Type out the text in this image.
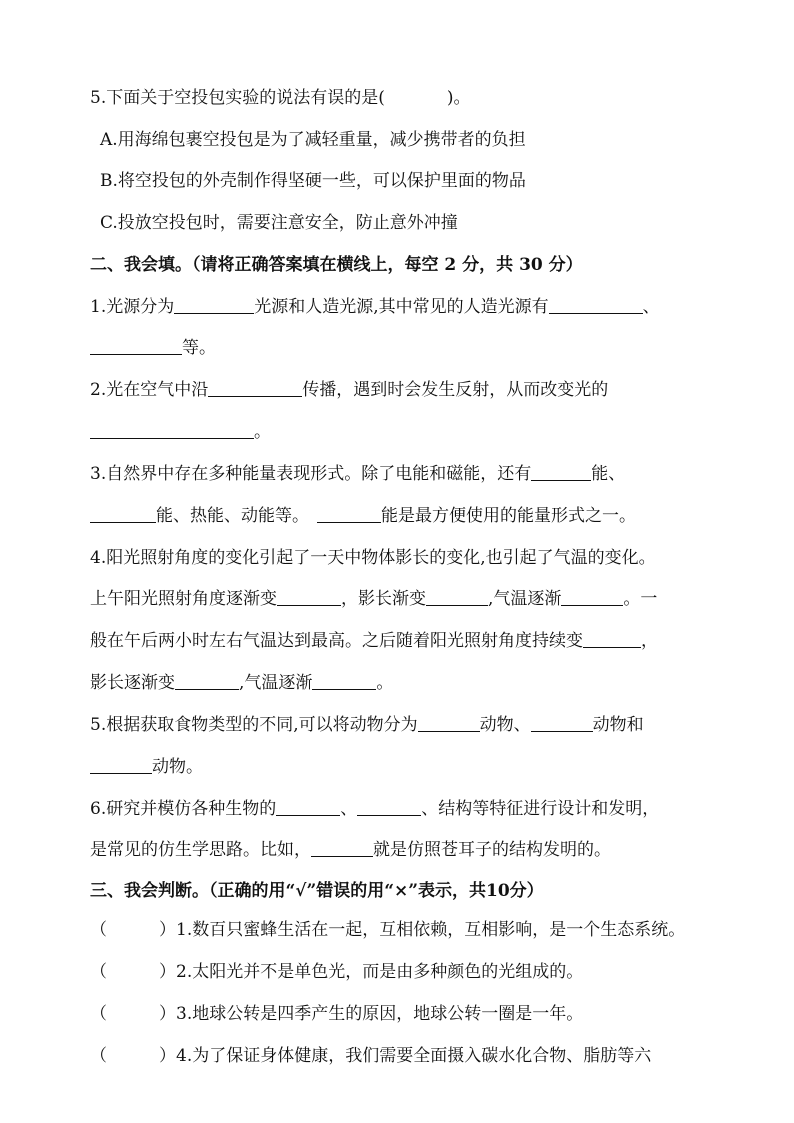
5.下面关于空投包实验的说法有误的是(	)。
A.用海绵包裹空投包是为了减轻重量，减少携带者的负担
B.将空投包的外壳制作得坚硬一些，可以保护里面的物品
C.投放空投包时，需要注意安全，防止意外冲撞
二、我会填。（请将正确答案填在横线上，每空 2 分，共 30 分）
1.光源分为	光源和人造光源,其中常见的人造光源有	、
等。
2.光在空气中沿	传播，遇到时会发生反射，从而改变光的
。
3.自然界中存在多种能量表现形式。除了电能和磁能，还有	能、
能、热能、动能等。	能是最方便使用的能量形式之一。
4.阳光照射角度的变化引起了一天中物体影长的变化,也引起了气温的变化。
上午阳光照射角度逐渐变	，影长渐变	,气温逐渐	。一
般在午后两小时左右气温达到最高。之后随着阳光照射角度持续变	，
影长逐渐变	,气温逐渐	。
5.根据获取食物类型的不同,可以将动物分为	动物、	动物和
动物。
6.研究并模仿各种生物的	、	、结构等特征进行设计和发明，
是常见的仿生学思路。比如，	就是仿照苍耳子的结构发明的。
三、我会判断。（正确的用“√”错误的用“×”表示，共10分）
（	）1.数百只蜜蜂生活在一起，互相依赖，互相影响，是一个生态系统。
（	）2.太阳光并不是单色光，而是由多种颜色的光组成的。
（	）3.地球公转是四季产生的原因，地球公转一圈是一年。
（	）4.为了保证身体健康，我们需要全面摄入碳水化合物、脂肪等六
